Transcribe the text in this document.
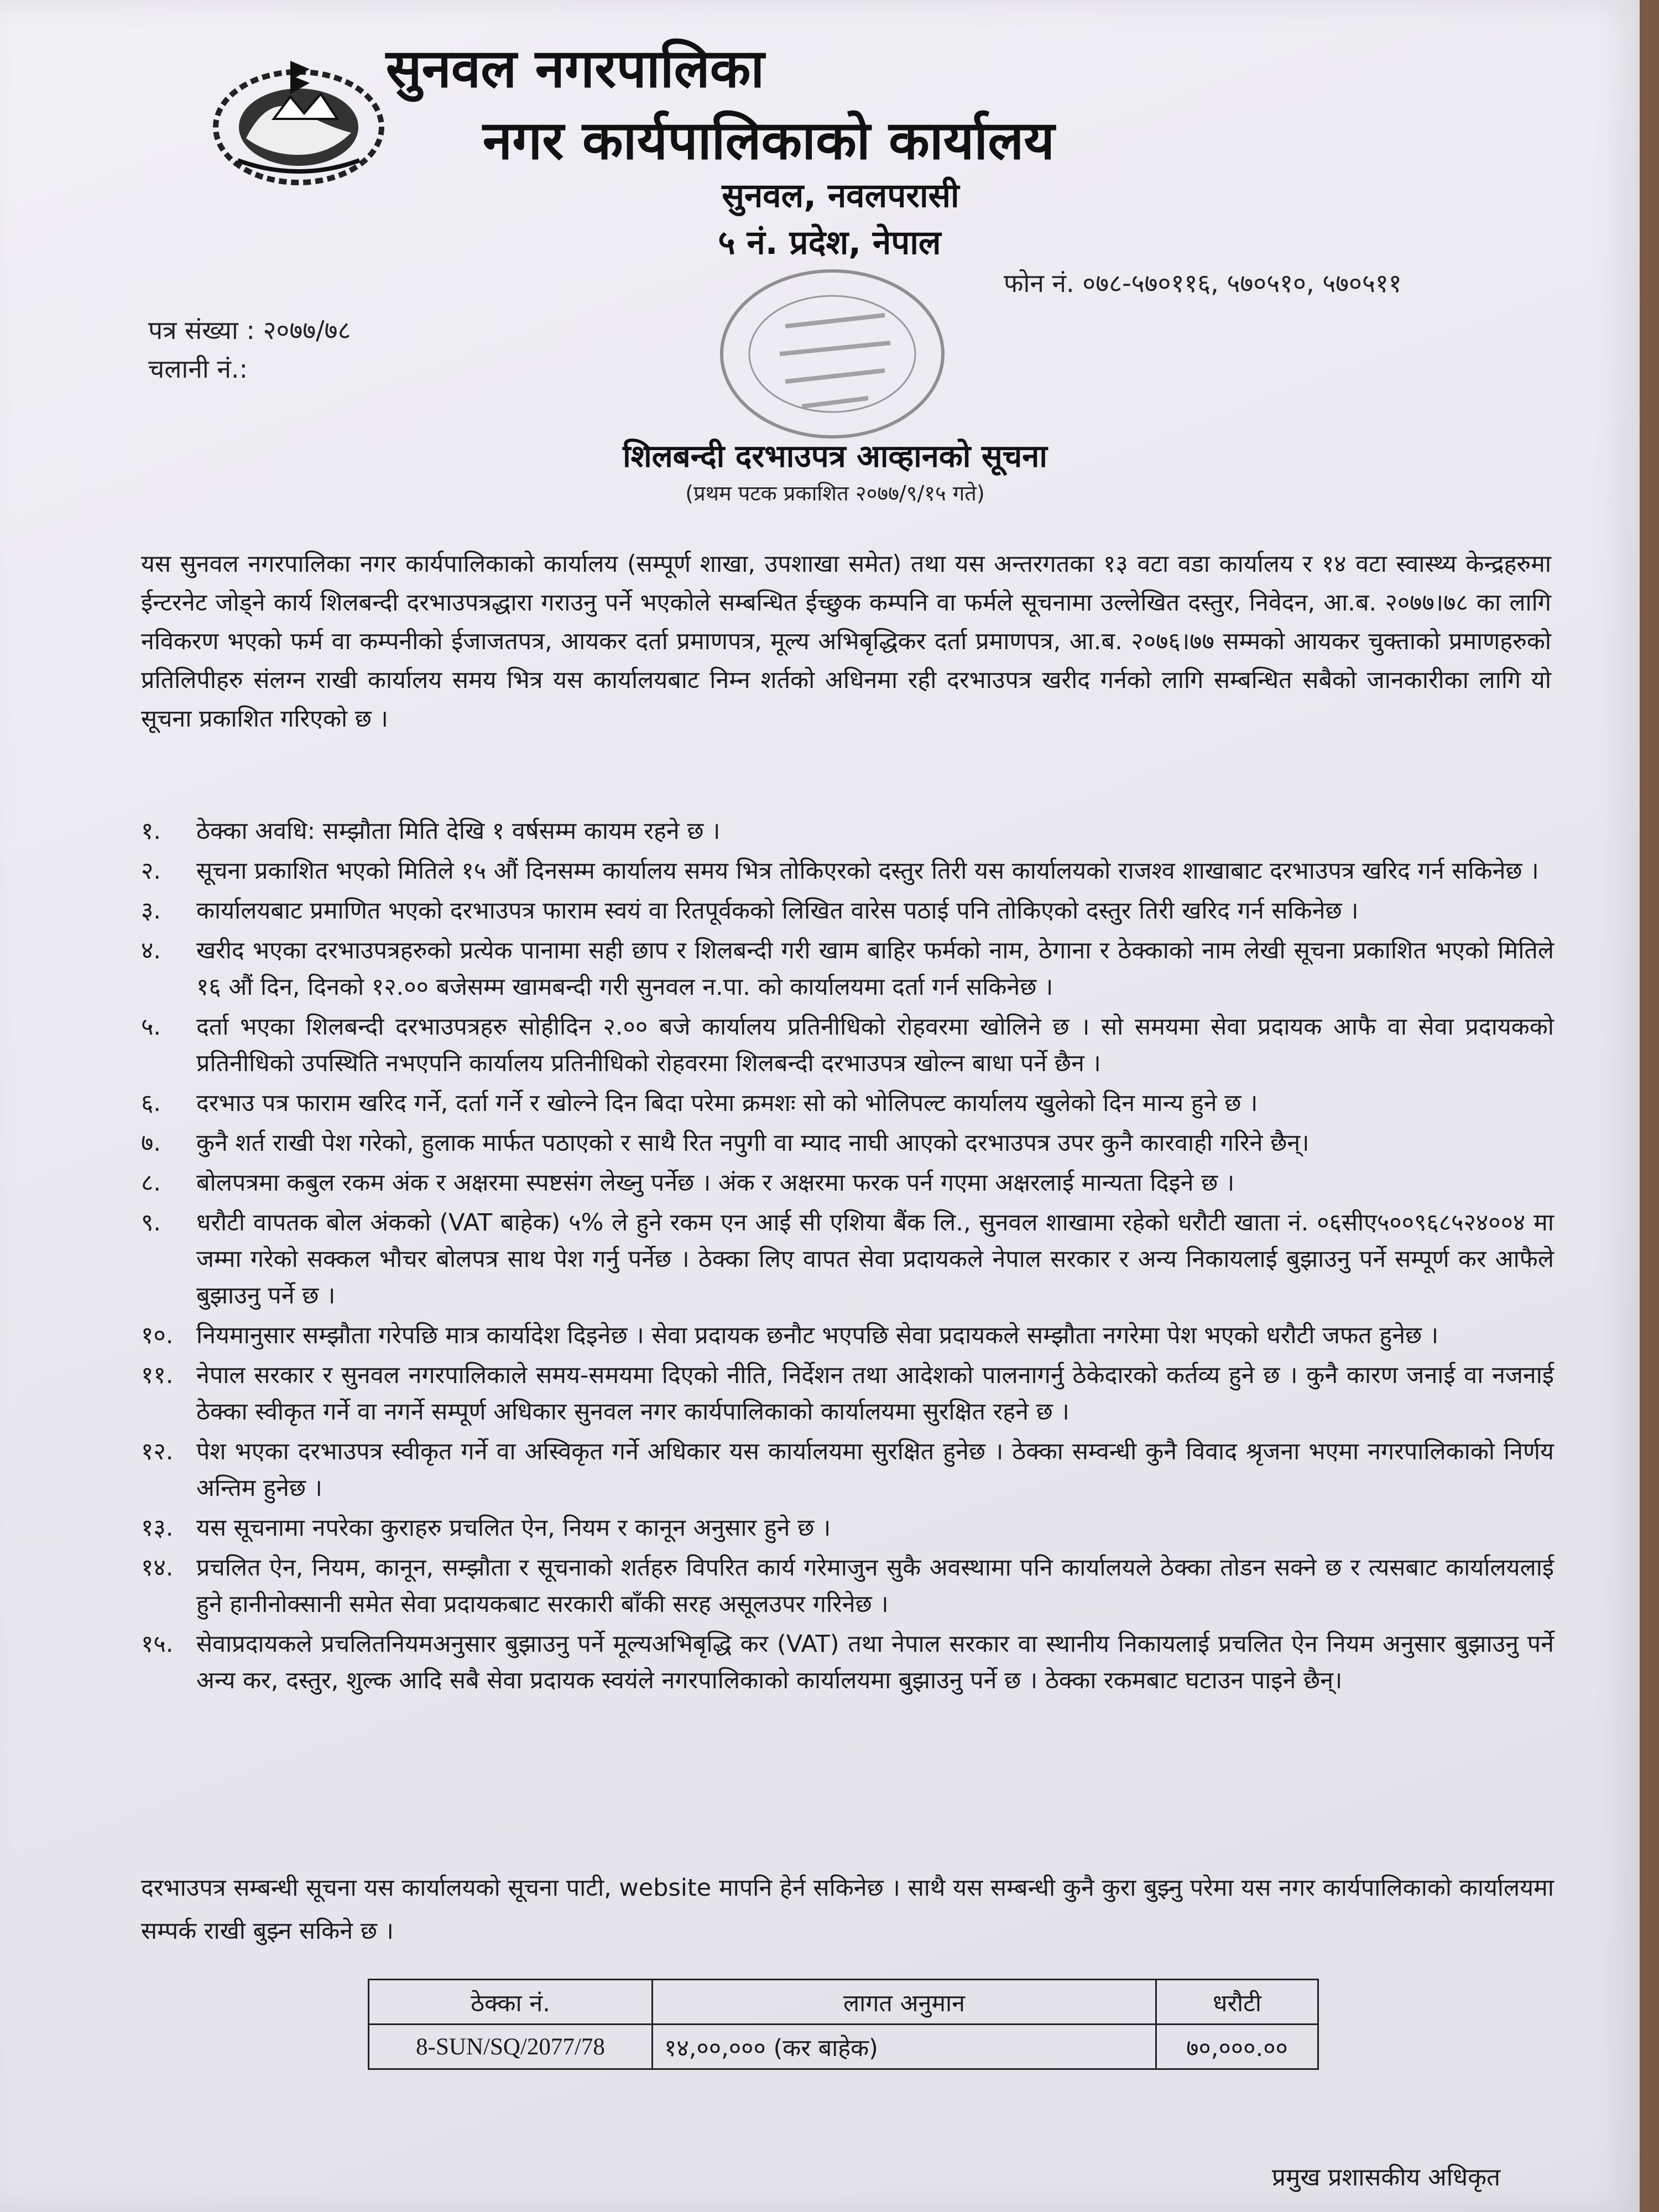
सुनवल नगरपालिका
नगर कार्यपालिकाको कार्यालय
सुनवल, नवलपरासी
५ नं. प्रदेश, नेपाल
फोन नं. ०७८-५७०११६, ५७०५१०, ५७०५११
पत्र संख्या : २०७७/७८
चलानी नं.:
शिलबन्दी दरभाउपत्र आव्हानको सूचना
(प्रथम पटक प्रकाशित २०७७/९/१५ गते)
यस सुनवल नगरपालिका नगर कार्यपालिकाको कार्यालय (सम्पूर्ण शाखा, उपशाखा समेत) तथा यस अन्तरगतका १३ वटा वडा कार्यालय र १४ वटा स्वास्थ्य केन्द्रहरुमा ईन्टरनेट जोड्ने कार्य शिलबन्दी दरभाउपत्रद्धारा गराउनु पर्ने भएकोले सम्बन्धित ईच्छुक कम्पनि वा फर्मले सूचनामा उल्लेखित दस्तुर, निवेदन, आ.ब. २०७७।७८ का लागि नविकरण भएको फर्म वा कम्पनीको ईजाजतपत्र, आयकर दर्ता प्रमाणपत्र, मूल्य अभिबृद्धिकर दर्ता प्रमाणपत्र, आ.ब. २०७६।७७ सम्मको आयकर चुक्ताको प्रमाणहरुको प्रतिलिपीहरु संलग्न राखी कार्यालय समय भित्र यस कार्यालयबाट निम्न शर्तको अधिनमा रही दरभाउपत्र खरीद गर्नको लागि सम्बन्धित सबैको जानकारीका लागि यो सूचना प्रकाशित गरिएको छ ।
१. ठेक्का अवधि: सम्झौता मिति देखि १ वर्षसम्म कायम रहने छ ।
२. सूचना प्रकाशित भएको मितिले १५ औं दिनसम्म कार्यालय समय भित्र तोकिएरको दस्तुर तिरी यस कार्यालयको राजश्व शाखाबाट दरभाउपत्र खरिद गर्न सकिनेछ ।
३. कार्यालयबाट प्रमाणित भएको दरभाउपत्र फाराम स्वयं वा रितपूर्वकको लिखित वारेस पठाई पनि तोकिएको दस्तुर तिरी खरिद गर्न सकिनेछ ।
४. खरीद भएका दरभाउपत्रहरुको प्रत्येक पानामा सही छाप र शिलबन्दी गरी खाम बाहिर फर्मको नाम, ठेगाना र ठेक्काको नाम लेखी सूचना प्रकाशित भएको मितिले १६ औं दिन, दिनको १२.०० बजेसम्म खामबन्दी गरी सुनवल न.पा. को कार्यालयमा दर्ता गर्न सकिनेछ ।
५. दर्ता भएका शिलबन्दी दरभाउपत्रहरु सोहीदिन २.०० बजे कार्यालय प्रतिनीधिको रोहवरमा खोलिने छ । सो समयमा सेवा प्रदायक आफै वा सेवा प्रदायकको प्रतिनीधिको उपस्थिति नभएपनि कार्यालय प्रतिनीधिको रोहवरमा शिलबन्दी दरभाउपत्र खोल्न बाधा पर्ने छैन ।
६. दरभाउ पत्र फाराम खरिद गर्ने, दर्ता गर्ने र खोल्ने दिन बिदा परेमा क्रमशः सो को भोलिपल्ट कार्यालय खुलेको दिन मान्य हुने छ ।
७. कुनै शर्त राखी पेश गरेको, हुलाक मार्फत पठाएको र साथै रित नपुगी वा म्याद नाघी आएको दरभाउपत्र उपर कुनै कारवाही गरिने छैन्।
८. बोलपत्रमा कबुल रकम अंक र अक्षरमा स्पष्टसंग लेख्नु पर्नेछ । अंक र अक्षरमा फरक पर्न गएमा अक्षरलाई मान्यता दिइने छ ।
९. धरौटी वापतक बोल अंकको (VAT बाहेक) ५% ले हुने रकम एन आई सी एशिया बैंक लि., सुनवल शाखामा रहेको धरौटी खाता नं. ०६सीए५००९६८५२४००४ मा जम्मा गरेको सक्कल भौचर बोलपत्र साथ पेश गर्नु पर्नेछ । ठेक्का लिए वापत सेवा प्रदायकले नेपाल सरकार र अन्य निकायलाई बुझाउनु पर्ने सम्पूर्ण कर आफैले बुझाउनु पर्ने छ ।
१०. नियमानुसार सम्झौता गरेपछि मात्र कार्यादेश दिइनेछ । सेवा प्रदायक छनौट भएपछि सेवा प्रदायकले सम्झौता नगरेमा पेश भएको धरौटी जफत हुनेछ ।
११. नेपाल सरकार र सुनवल नगरपालिकाले समय-समयमा दिएको नीति, निर्देशन तथा आदेशको पालनागर्नु ठेकेदारको कर्तव्य हुने छ । कुनै कारण जनाई वा नजनाई ठेक्का स्वीकृत गर्ने वा नगर्ने सम्पूर्ण अधिकार सुनवल नगर कार्यपालिकाको कार्यालयमा सुरक्षित रहने छ ।
१२. पेश भएका दरभाउपत्र स्वीकृत गर्ने वा अस्विकृत गर्ने अधिकार यस कार्यालयमा सुरक्षित हुनेछ । ठेक्का सम्वन्धी कुनै विवाद श्रृजना भएमा नगरपालिकाको निर्णय अन्तिम हुनेछ ।
१३. यस सूचनामा नपरेका कुराहरु प्रचलित ऐन, नियम र कानून अनुसार हुने छ ।
१४. प्रचलित ऐन, नियम, कानून, सम्झौता र सूचनाको शर्तहरु विपरित कार्य गरेमाजुन सुकै अवस्थामा पनि कार्यालयले ठेक्का तोडन सक्ने छ र त्यसबाट कार्यालयलाई हुने हानीनोक्सानी समेत सेवा प्रदायकबाट सरकारी बाँकी सरह असूलउपर गरिनेछ ।
१५. सेवाप्रदायकले प्रचलितनियमअनुसार बुझाउनु पर्ने मूल्यअभिबृद्धि कर (VAT) तथा नेपाल सरकार वा स्थानीय निकायलाई प्रचलित ऐन नियम अनुसार बुझाउनु पर्ने अन्य कर, दस्तुर, शुल्क आदि सबै सेवा प्रदायक स्वयंले नगरपालिकाको कार्यालयमा बुझाउनु पर्ने छ । ठेक्का रकमबाट घटाउन पाइने छैन्।
दरभाउपत्र सम्बन्धी सूचना यस कार्यालयको सूचना पाटी, website मापनि हेर्न सकिनेछ । साथै यस सम्बन्धी कुनै कुरा बुझ्नु परेमा यस नगर कार्यपालिकाको कार्यालयमा सम्पर्क राखी बुझ्न सकिने छ ।
ठेक्का नं.	लागत अनुमान	धरौटी
8-SUN/SQ/2077/78	१४,००,००० (कर बाहेक)	७०,०००.००
प्रमुख प्रशासकीय अधिकृत
